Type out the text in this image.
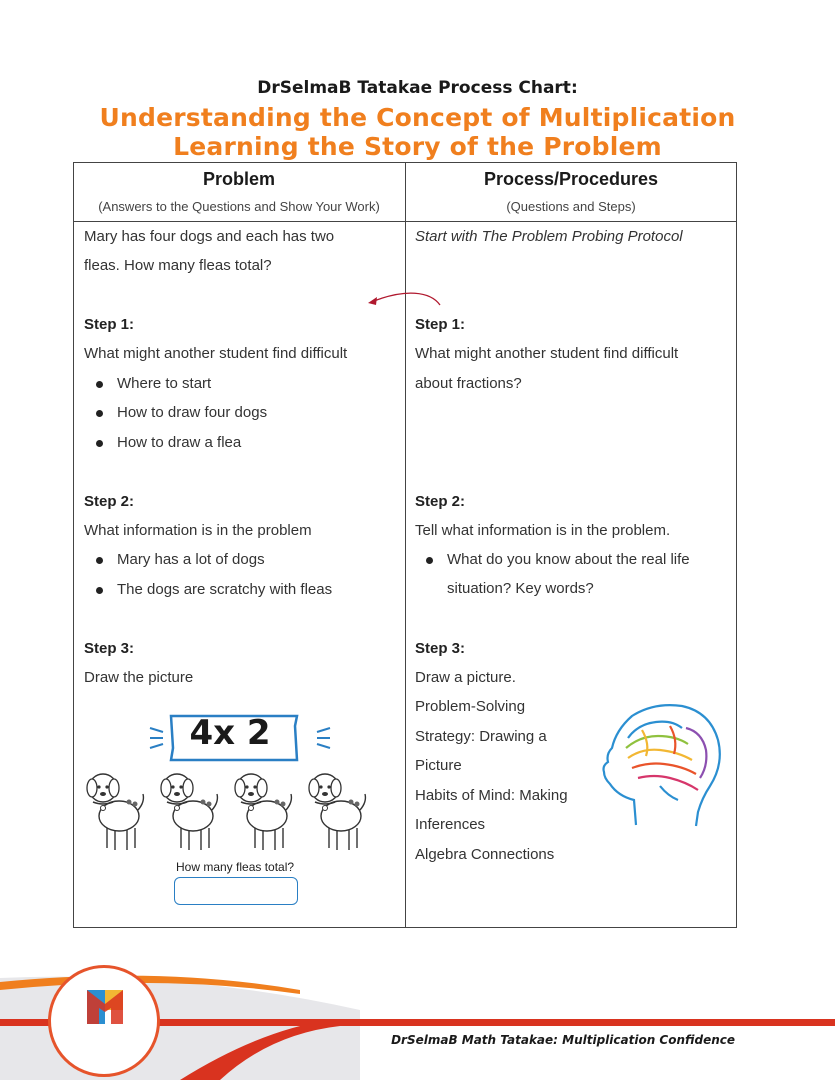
DrSelmaB Tatakae Process Chart:
Understanding the Concept of Multiplication
Learning the Story of the Problem
Problem
(Answers to the Questions and Show Your Work)
Process/Procedures
(Questions and Steps)
Mary has four dogs and each has two
fleas. How many fleas total?
Step 1:
What might another student find difficult
Where to start
How to draw four dogs
How to draw a flea
Step 2:
What information is in the problem
Mary has a lot of dogs
The dogs are scratchy with fleas
Step 3:
Draw the picture
4x 2
How many fleas total?
Start with The Problem Probing Protocol
Step 1:
What might another student find difficult
about fractions?
Step 2:
Tell what information is in the problem.
What do you know about the real life
situation? Key words?
Step 3:
Draw a picture.
Problem-Solving
Strategy: Drawing a
Picture
Habits of Mind: Making
Inferences
Algebra Connections
DrSelmaB Math Tatakae: Multiplication Confidence
